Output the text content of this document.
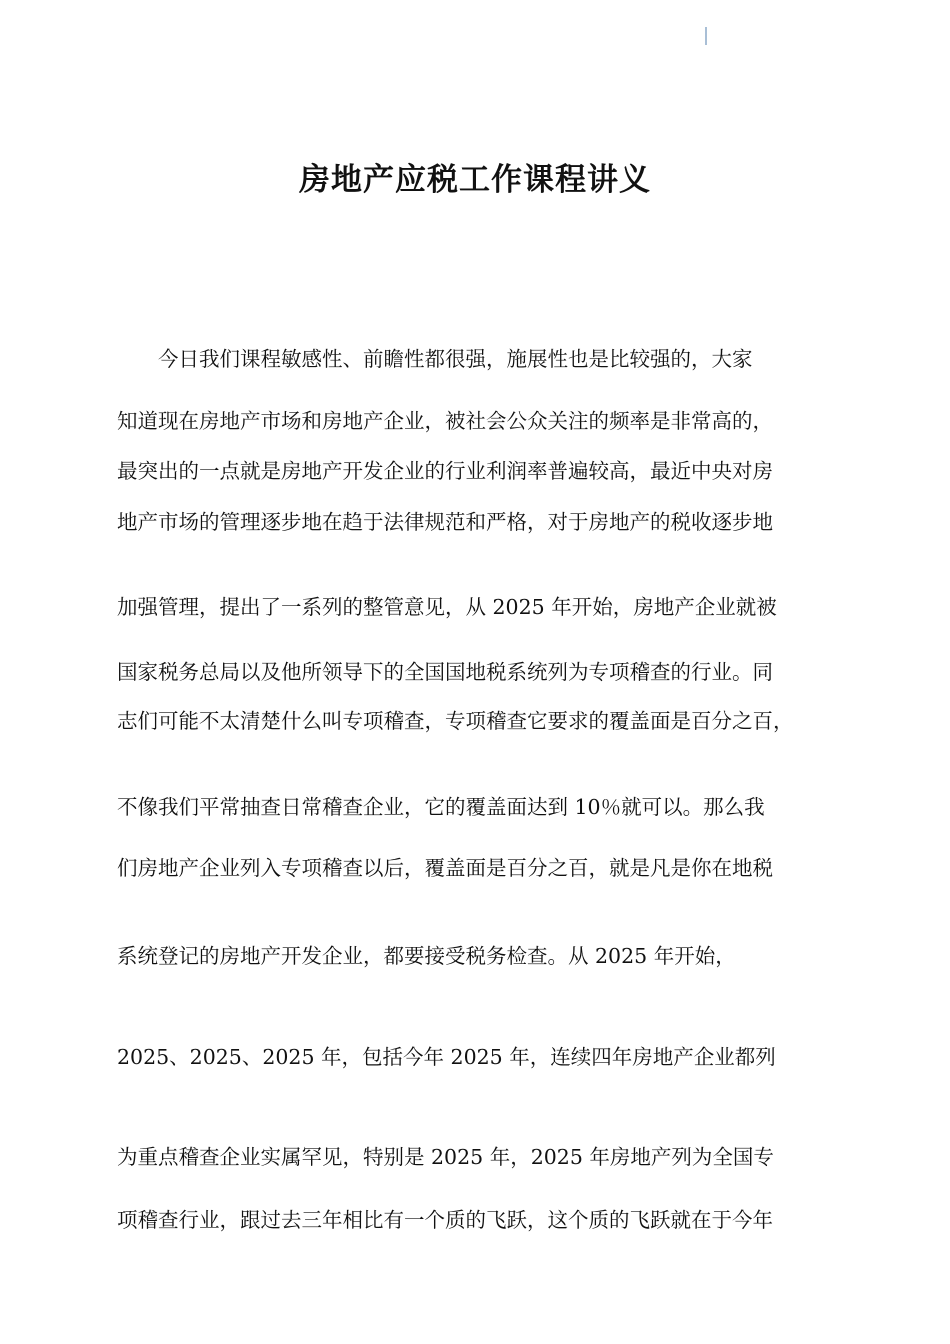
房地产应税工作课程讲义
　　今日我们课程敏感性、前瞻性都很强，施展性也是比较强的，大家
知道现在房地产市场和房地产企业，被社会公众关注的频率是非常高的，
最突出的一点就是房地产开发企业的行业利润率普遍较高，最近中央对房
地产市场的管理逐步地在趋于法律规范和严格，对于房地产的税收逐步地
加强管理，提出了一系列的整管意见，从 2025 年开始，房地产企业就被
国家税务总局以及他所领导下的全国国地税系统列为专项稽查的行业。同
志们可能不太清楚什么叫专项稽查，专项稽查它要求的覆盖面是百分之百，
不像我们平常抽查日常稽查企业，它的覆盖面达到 10％就可以。那么我
们房地产企业列入专项稽查以后，覆盖面是百分之百，就是凡是你在地税
系统登记的房地产开发企业，都要接受税务检查。从 2025 年开始，
2025、2025、2025 年，包括今年 2025 年，连续四年房地产企业都列
为重点稽查企业实属罕见，特别是 2025 年，2025 年房地产列为全国专
项稽查行业，跟过去三年相比有一个质的飞跃，这个质的飞跃就在于今年
